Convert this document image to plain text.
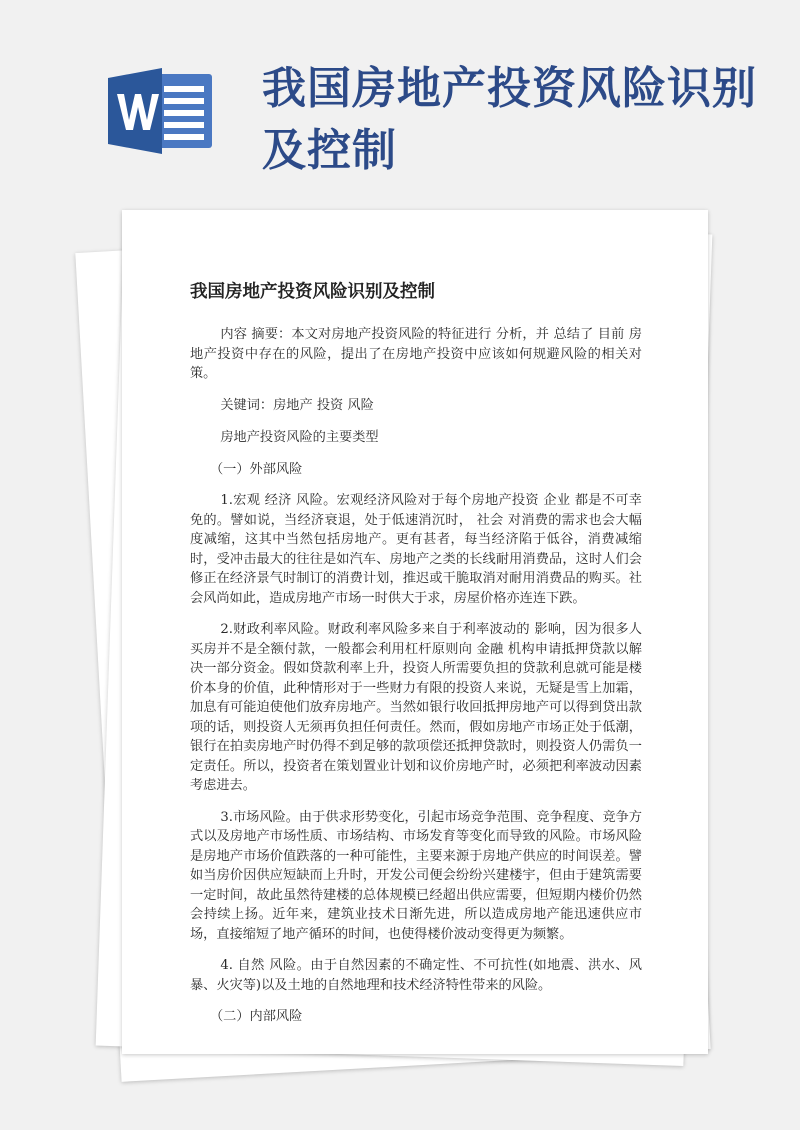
我国房地产投资风险识别及控制
我国房地产投资风险识别及控制

内容 摘要：本文对房地产投资风险的特征进行 分析，并 总结了 目前 房地产投资中存在的风险，提出了在房地产投资中应该如何规避风险的相关对策。

关键词：房地产 投资 风险

房地产投资风险的主要类型

（一）外部风险

1.宏观 经济 风险。宏观经济风险对于每个房地产投资 企业 都是不可幸免的。譬如说，当经济衰退，处于低速消沉时， 社会 对消费的需求也会大幅度减缩，这其中当然包括房地产。更有甚者，每当经济陷于低谷，消费减缩时，受冲击最大的往往是如汽车、房地产之类的长线耐用消费品，这时人们会修正在经济景气时制订的消费计划，推迟或干脆取消对耐用消费品的购买。社会风尚如此，造成房地产市场一时供大于求，房屋价格亦连连下跌。

2.财政利率风险。财政利率风险多来自于利率波动的 影响，因为很多人买房并不是全额付款，一般都会利用杠杆原则向 金融 机构申请抵押贷款以解决一部分资金。假如贷款利率上升，投资人所需要负担的贷款利息就可能是楼价本身的价值，此种情形对于一些财力有限的投资人来说，无疑是雪上加霜，加息有可能迫使他们放弃房地产。当然如银行收回抵押房地产可以得到贷出款项的话，则投资人无须再负担任何责任。然而，假如房地产市场正处于低潮，银行在拍卖房地产时仍得不到足够的款项偿还抵押贷款时，则投资人仍需负一定责任。所以，投资者在策划置业计划和议价房地产时，必须把利率波动因素考虑进去。

3.市场风险。由于供求形势变化，引起市场竞争范围、竞争程度、竞争方式以及房地产市场性质、市场结构、市场发育等变化而导致的风险。市场风险是房地产市场价值跌落的一种可能性，主要来源于房地产供应的时间误差。譬如当房价因供应短缺而上升时，开发公司便会纷纷兴建楼宇，但由于建筑需要一定时间，故此虽然待建楼的总体规模已经超出供应需要，但短期内楼价仍然会持续上扬。近年来，建筑业技术日渐先进，所以造成房地产能迅速供应市场，直接缩短了地产循环的时间，也使得楼价波动变得更为频繁。

4. 自然 风险。由于自然因素的不确定性、不可抗性(如地震、洪水、风暴、火灾等)以及土地的自然地理和技术经济特性带来的风险。

（二）内部风险
